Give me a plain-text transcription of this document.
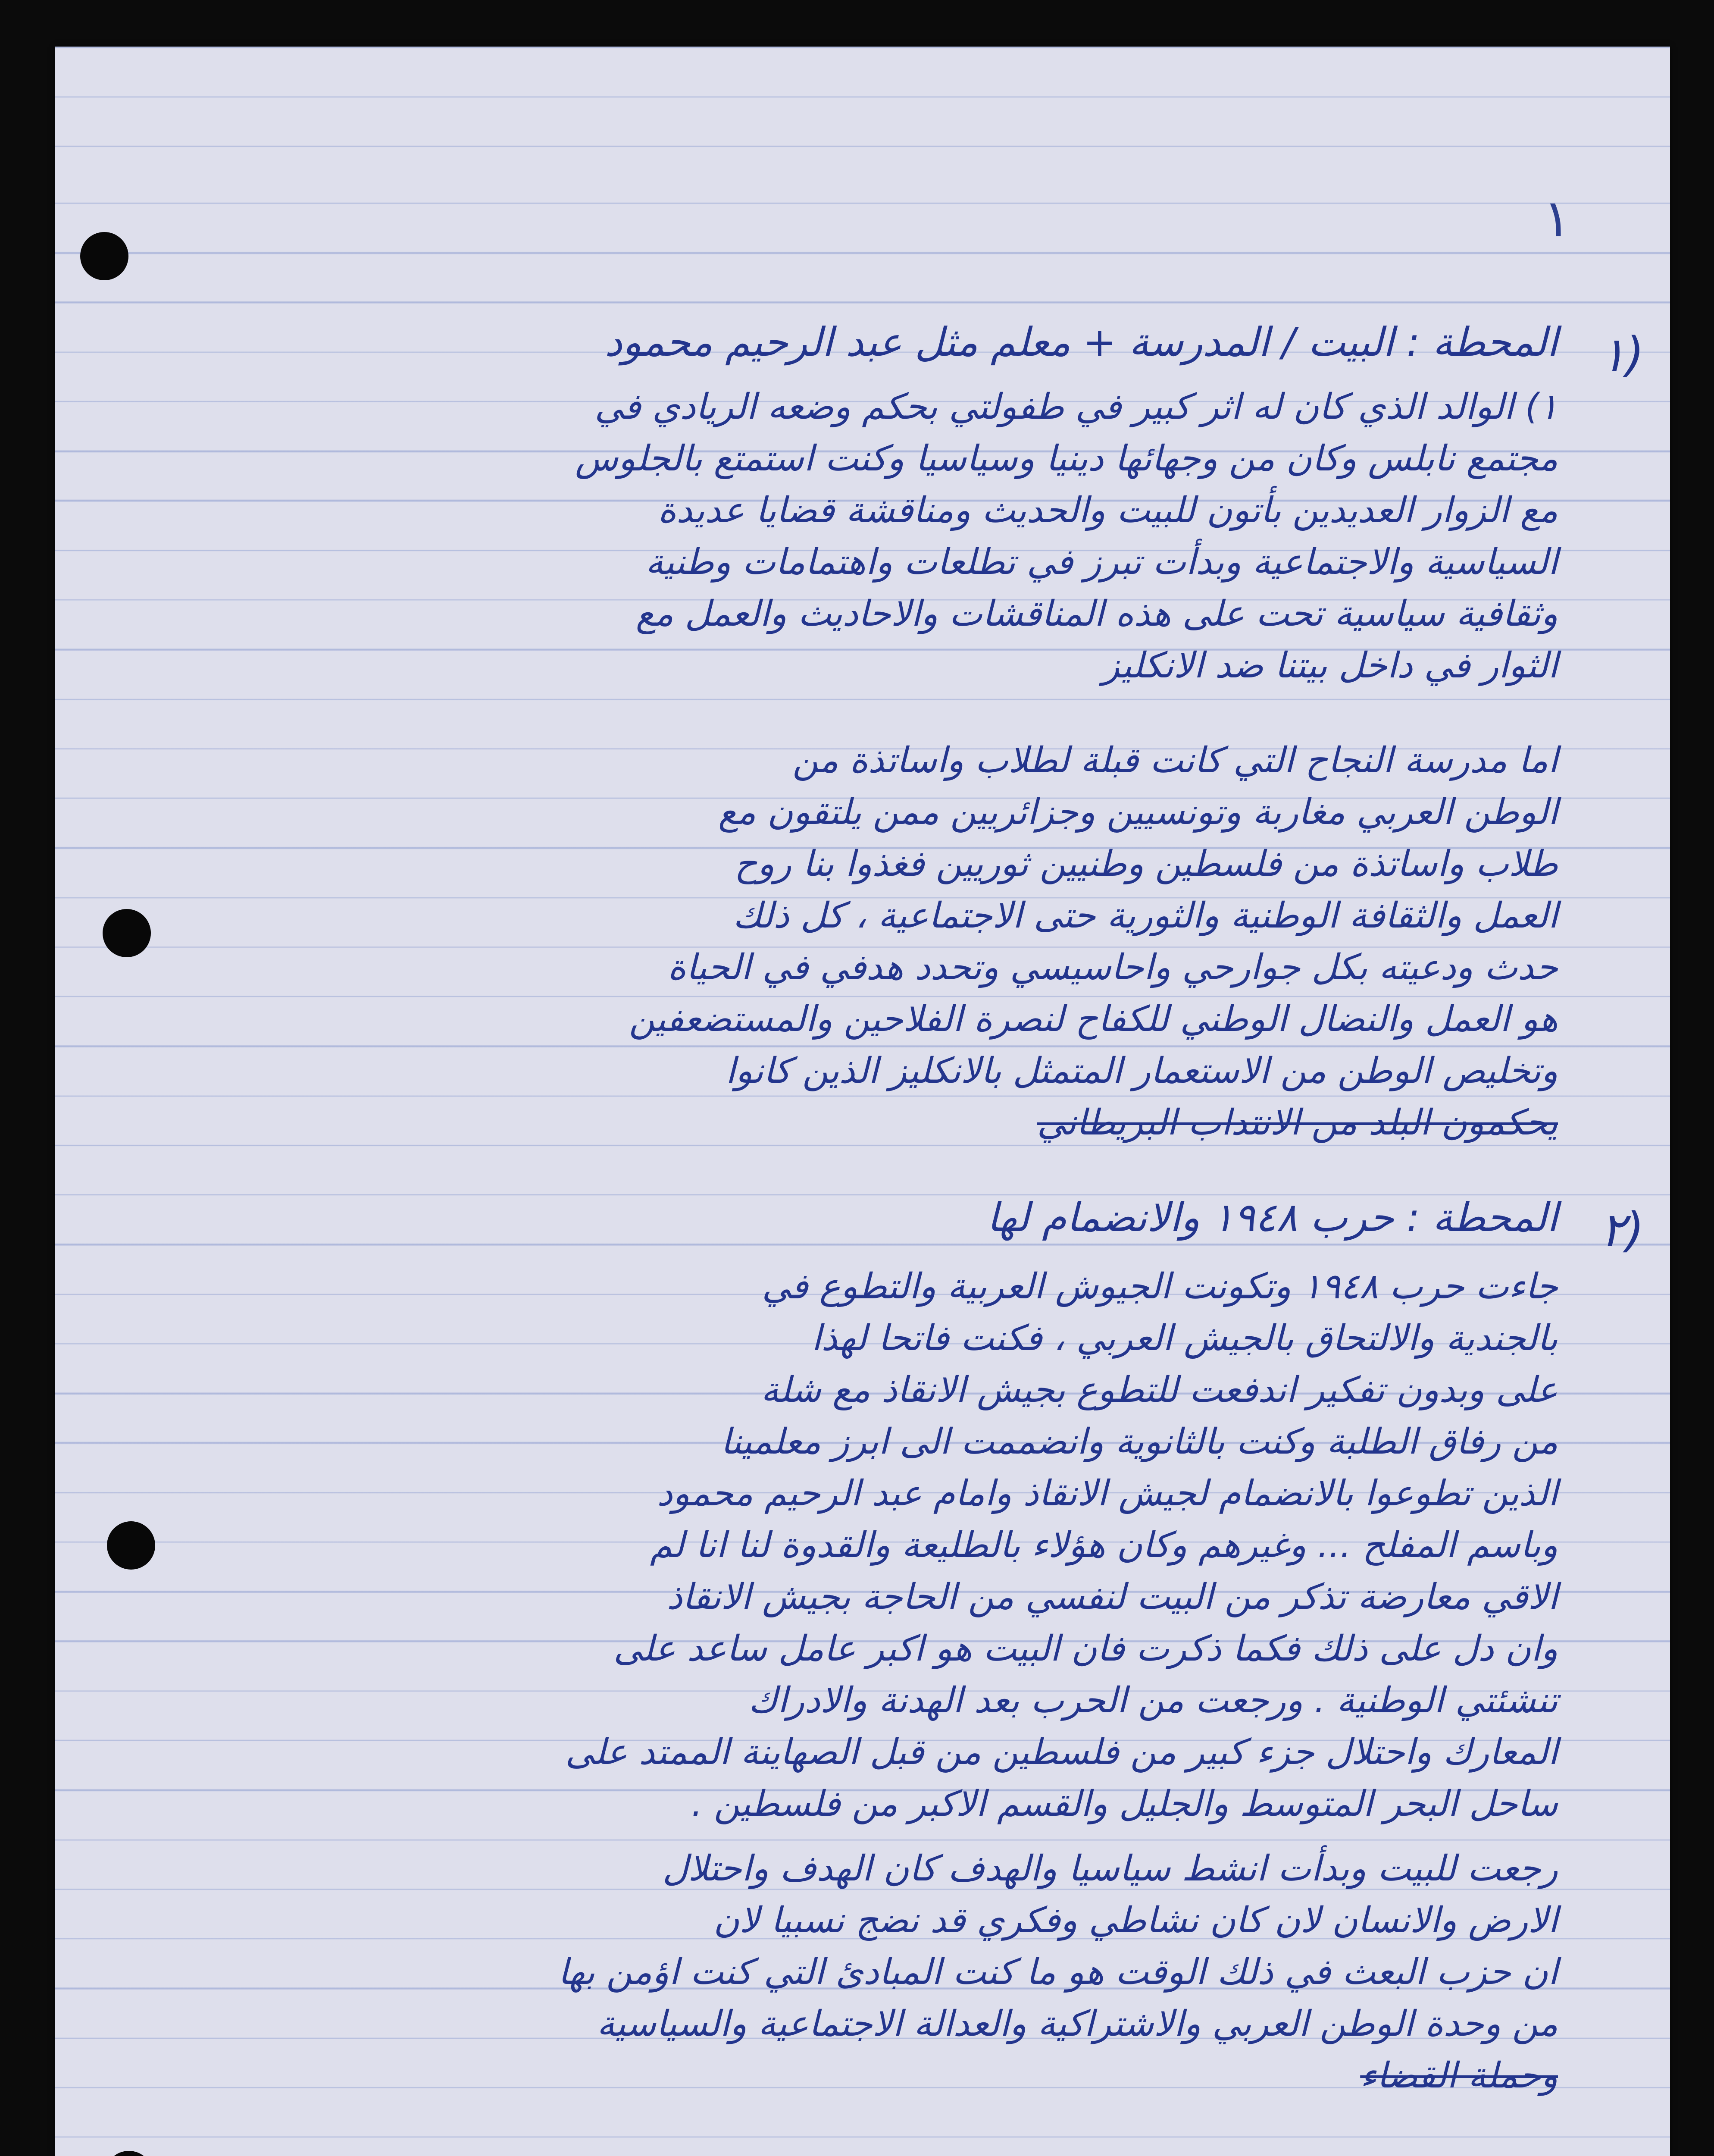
١
١)
المحطة : البيت / المدرسة + معلم مثل عبد الرحيم محمود
١) الوالد الذي كان له اثر كبير في طفولتي بحكم وضعه الريادي في
مجتمع نابلس وكان من وجهائها دينيا وسياسيا وكنت استمتع بالجلوس
مع الزوار العديدين بأتون للبيت والحديث ومناقشة قضايا عديدة
السياسية والاجتماعية وبدأت تبرز في تطلعات واهتمامات وطنية
وثقافية سياسية تحت على هذه المناقشات والاحاديث والعمل مع
الثوار في داخل بيتنا ضد الانكليز
اما مدرسة النجاح التي كانت قبلة لطلاب واساتذة من
الوطن العربي مغاربة وتونسيين وجزائريين ممن يلتقون مع
طلاب واساتذة من فلسطين وطنيين ثوريين فغذوا بنا روح
العمل والثقافة الوطنية والثورية حتى الاجتماعية ، كل ذلك
حدث ودعيته بكل جوارحي واحاسيسي وتحدد هدفي في الحياة
هو العمل والنضال الوطني للكفاح لنصرة الفلاحين والمستضعفين
وتخليص الوطن من الاستعمار المتمثل بالانكليز الذين كانوا
يحكمون البلد من الانتداب البريطاني
٢)
المحطة : حرب ١٩٤٨ والانضمام لها
جاءت حرب ١٩٤٨ وتكونت الجيوش العربية والتطوع في
بالجندية والالتحاق بالجيش العربي ، فكنت فاتحا لهذا
على وبدون تفكير اندفعت للتطوع بجيش الانقاذ مع شلة
من رفاق الطلبة وكنت بالثانوية وانضممت الى ابرز معلمينا
الذين تطوعوا بالانضمام لجيش الانقاذ وامام عبد الرحيم محمود
وباسم المفلح ... وغيرهم وكان هؤلاء بالطليعة والقدوة لنا انا لم
الاقي معارضة تذكر من البيت لنفسي من الحاجة بجيش الانقاذ
وان دل على ذلك فكما ذكرت فان البيت هو اكبر عامل ساعد على
تنشئتي الوطنية . ورجعت من الحرب بعد الهدنة والادراك
المعارك واحتلال جزء كبير من فلسطين من قبل الصهاينة الممتد على
ساحل البحر المتوسط والجليل والقسم الاكبر من فلسطين .
رجعت للبيت وبدأت انشط سياسيا والهدف كان الهدف واحتلال
الارض والانسان لان كان نشاطي وفكري قد نضج نسبيا لان
ان حزب البعث في ذلك الوقت هو ما كنت المبادئ التي كنت اؤمن بها
من وحدة الوطن العربي والاشتراكية والعدالة الاجتماعية والسياسية
وحملة القضاء
